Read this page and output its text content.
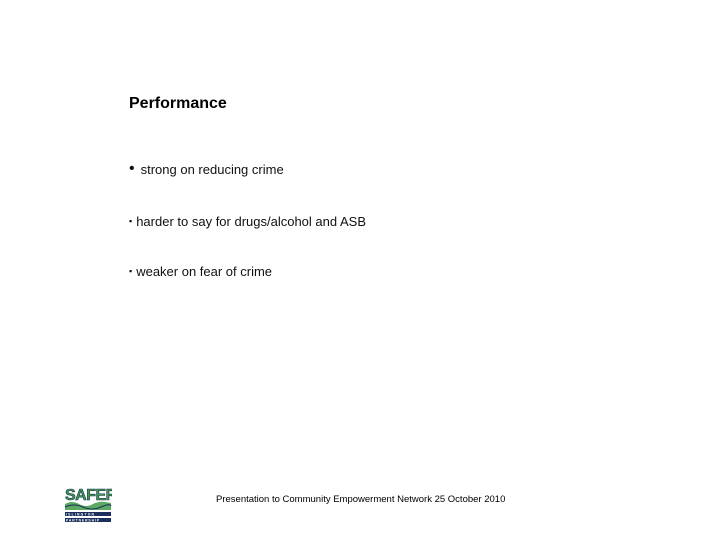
Performance
• strong on reducing crime
▪ harder to say for drugs/alcohol and ASB
▪ weaker on fear of crime
SAFER
ISLINGTON
PARTNERSHIP
Presentation to Community Empowerment Network 25 October 2010
